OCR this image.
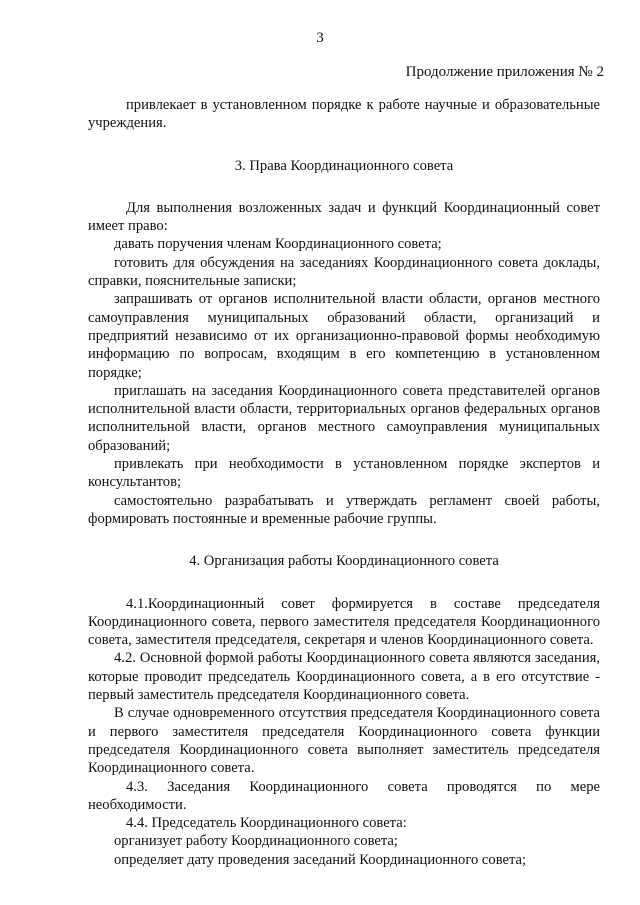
3
Продолжение приложения № 2

привлекает в установленном порядке к работе научные и образовательные учреждения.

3. Права Координационного совета

Для выполнения возложенных задач и функций Координационный совет имеет право:

давать поручения членам Координационного совета;

готовить для обсуждения на заседаниях Координационного совета доклады, справки, пояснительные записки;

запрашивать от органов исполнительной власти области, органов местного самоуправления муниципальных образований области, организаций и предприятий независимо от их организационно-правовой формы необходимую информацию по вопросам, входящим в его компетенцию в установленном порядке;

приглашать на заседания Координационного совета представителей органов исполнительной власти области, территориальных органов федеральных органов исполнительной власти, органов местного самоуправления муниципальных образований;

привлекать при необходимости в установленном порядке экспертов и консультантов;

самостоятельно разрабатывать и утверждать регламент своей работы, формировать постоянные и временные рабочие группы.

4. Организация работы Координационного совета

4.1.Координационный совет формируется в составе председателя Координационного совета, первого заместителя председателя Координационного совета, заместителя председателя, секретаря и членов Координационного совета.

4.2. Основной формой работы Координационного совета являются заседания, которые проводит председатель Координационного совета, а в его отсутствие - первый заместитель председателя Координационного совета.

В случае одновременного отсутствия председателя Координационного совета и первого заместителя председателя Координационного совета функции председателя Координационного совета выполняет заместитель председателя Координационного совета.

4.3. Заседания Координационного совета проводятся по мере необходимости.

4.4. Председатель Координационного совета:

организует работу Координационного совета;

определяет дату проведения заседаний Координационного совета;
